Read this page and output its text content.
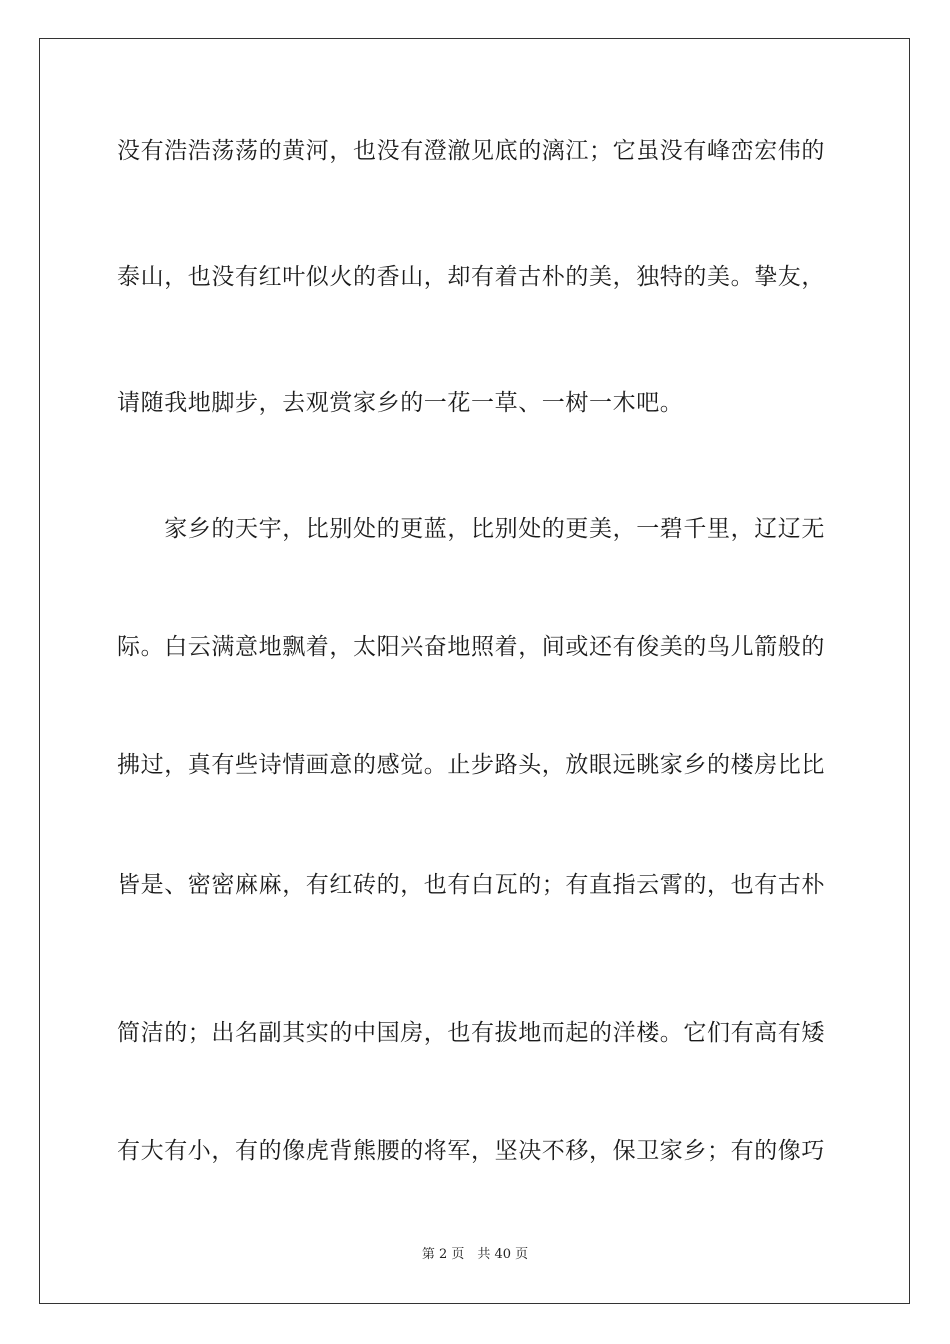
没有浩浩荡荡的黄河，也没有澄澈见底的漓江；它虽没有峰峦宏伟的
泰山，也没有红叶似火的香山，却有着古朴的美，独特的美。挚友，
请随我地脚步，去观赏家乡的一花一草、一树一木吧。
　　家乡的天宇，比别处的更蓝，比别处的更美，一碧千里，辽辽无
际。白云满意地飘着，太阳兴奋地照着，间或还有俊美的鸟儿箭般的
拂过，真有些诗情画意的感觉。止步路头，放眼远眺家乡的楼房比比
皆是、密密麻麻，有红砖的，也有白瓦的；有直指云霄的，也有古朴
简洁的；出名副其实的中国房，也有拔地而起的洋楼。它们有高有矮
有大有小，有的像虎背熊腰的将军，坚决不移，保卫家乡；有的像巧
第 2 页　共 40 页
